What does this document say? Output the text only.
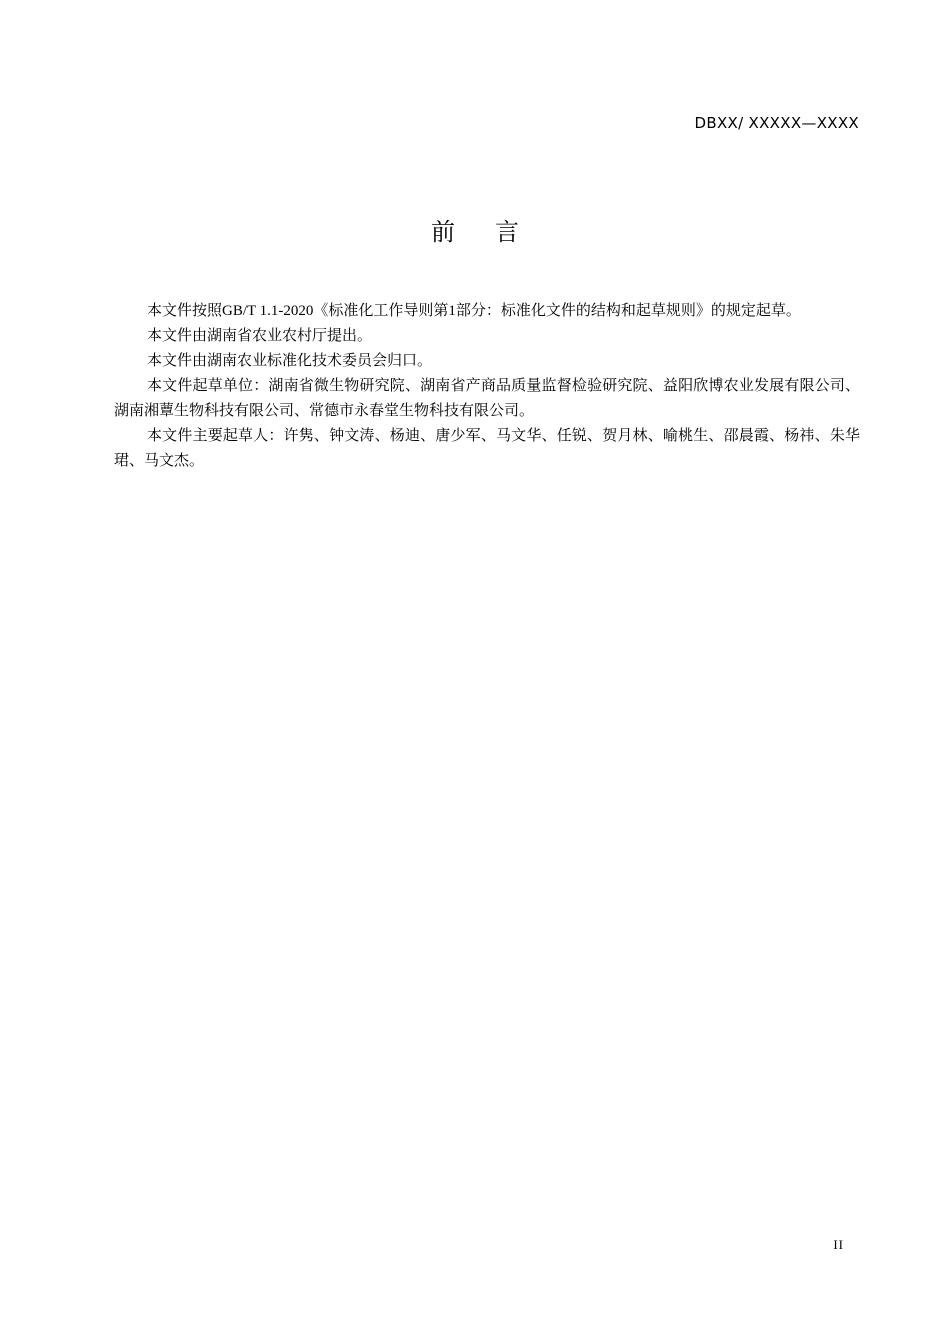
DBXX/ XXXXX—XXXX
前言

本文件按照GB/T 1.1-2020《标准化工作导则第1部分：标准化文件的结构和起草规则》的规定起草。

本文件由湖南省农业农村厅提出。

本文件由湖南农业标准化技术委员会归口。

本文件起草单位：湖南省微生物研究院、湖南省产商品质量监督检验研究院、益阳欣博农业发展有限公司、湖南湘蕈生物科技有限公司、常德市永春堂生物科技有限公司。

本文件主要起草人：许隽、钟文涛、杨迪、唐少军、马文华、任锐、贺月林、喻桃生、邵晨霞、杨祎、朱华珺、马文杰。

II
